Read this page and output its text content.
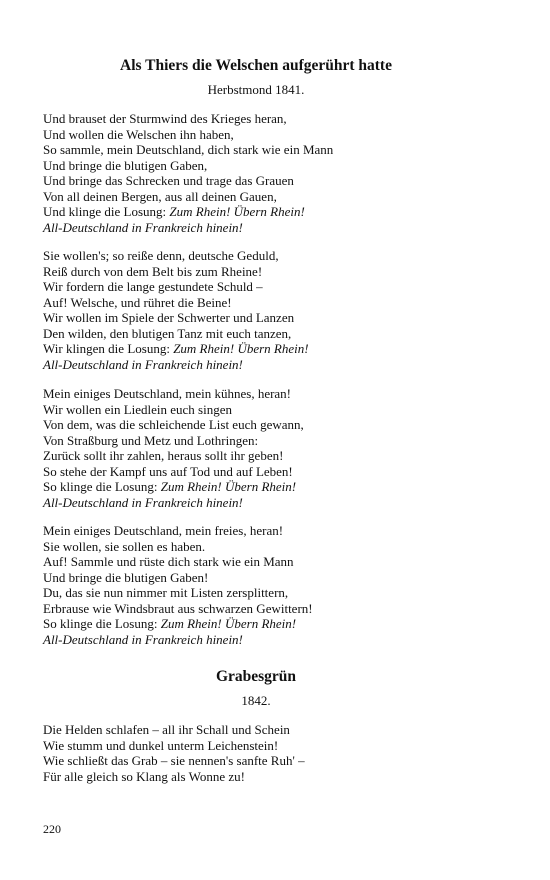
Als Thiers die Welschen aufgerührt hatte

Herbstmond 1841.

Und brauset der Sturmwind des Krieges heran,
Und wollen die Welschen ihn haben,
So sammle, mein Deutschland, dich stark wie ein Mann
Und bringe die blutigen Gaben,
Und bringe das Schrecken und trage das Grauen
Von all deinen Bergen, aus all deinen Gauen,
Und klinge die Losung: Zum Rhein! Übern Rhein!
All-Deutschland in Frankreich hinein!
Sie wollen's; so reiße denn, deutsche Geduld,
Reiß durch von dem Belt bis zum Rheine!
Wir fordern die lange gestundete Schuld –
Auf! Welsche, und rühret die Beine!
Wir wollen im Spiele der Schwerter und Lanzen
Den wilden, den blutigen Tanz mit euch tanzen,
Wir klingen die Losung: Zum Rhein! Übern Rhein!
All-Deutschland in Frankreich hinein!
Mein einiges Deutschland, mein kühnes, heran!
Wir wollen ein Liedlein euch singen
Von dem, was die schleichende List euch gewann,
Von Straßburg und Metz und Lothringen:
Zurück sollt ihr zahlen, heraus sollt ihr geben!
So stehe der Kampf uns auf Tod und auf Leben!
So klinge die Losung: Zum Rhein! Übern Rhein!
All-Deutschland in Frankreich hinein!
Mein einiges Deutschland, mein freies, heran!
Sie wollen, sie sollen es haben.
Auf! Sammle und rüste dich stark wie ein Mann
Und bringe die blutigen Gaben!
Du, das sie nun nimmer mit Listen zersplittern,
Erbrause wie Windsbraut aus schwarzen Gewittern!
So klinge die Losung: Zum Rhein! Übern Rhein!
All-Deutschland in Frankreich hinein!
Grabesgrün

1842.

Die Helden schlafen – all ihr Schall und Schein
Wie stumm und dunkel unterm Leichenstein!
Wie schließt das Grab – sie nennen's sanfte Ruh' –
Für alle gleich so Klang als Wonne zu!

220
